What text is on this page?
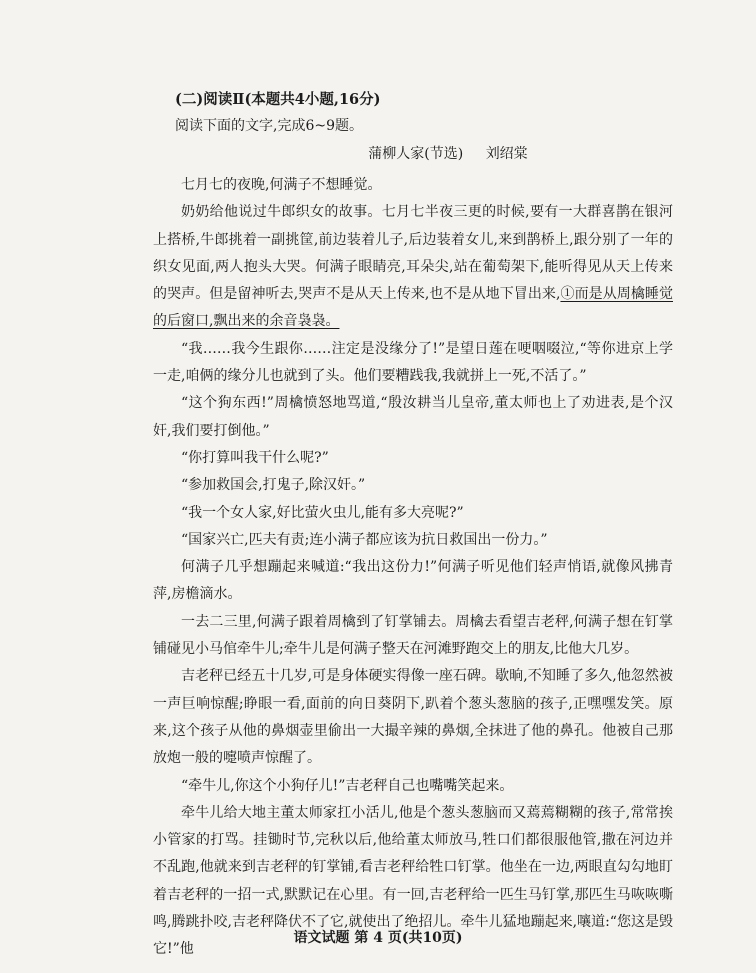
(二)阅读Ⅱ(本题共4小题,16分)
阅读下面的文字,完成6~9题。
蒲柳人家(节选) 刘绍棠

七月七的夜晚,何满子不想睡觉。

奶奶给他说过牛郎织女的故事。七月七半夜三更的时候,要有一大群喜鹊在银河上搭桥,牛郎挑着一副挑筐,前边装着儿子,后边装着女儿,来到鹊桥上,跟分别了一年的织女见面,两人抱头大哭。何满子眼睛亮,耳朵尖,站在葡萄架下,能听得见从天上传来的哭声。但是留神听去,哭声不是从天上传来,也不是从地下冒出来,①而是从周檎睡觉的后窗口,飘出来的余音袅袅。

“我……我今生跟你……注定是没缘分了!”是望日莲在哽咽啜泣,“等你进京上学一走,咱俩的缘分儿也就到了头。他们要糟践我,我就拼上一死,不活了。”

“这个狗东西!”周檎愤怒地骂道,“殷汝耕当儿皇帝,董太师也上了劝进表,是个汉奸,我们要打倒他。”

“你打算叫我干什么呢?”

“参加救国会,打鬼子,除汉奸。”

“我一个女人家,好比萤火虫儿,能有多大亮呢?”

“国家兴亡,匹夫有责;连小满子都应该为抗日救国出一份力。”

何满子几乎想蹦起来喊道:“我出这份力!”何满子听见他们轻声悄语,就像风拂青萍,房檐滴水。

一去二三里,何满子跟着周檎到了钉掌铺去。周檎去看望吉老秤,何满子想在钉掌铺碰见小马倌牵牛儿;牵牛儿是何满子整天在河滩野跑交上的朋友,比他大几岁。

吉老秤已经五十几岁,可是身体硬实得像一座石碑。歇晌,不知睡了多久,他忽然被一声巨响惊醒;睁眼一看,面前的向日葵阴下,趴着个葱头葱脑的孩子,正嘿嘿发笑。原来,这个孩子从他的鼻烟壶里偷出一大撮辛辣的鼻烟,全抹进了他的鼻孔。他被自己那放炮一般的嚏喷声惊醒了。

“牵牛儿,你这个小狗仔儿!”吉老秤自己也嘴嘴笑起来。

牵牛儿给大地主董太师家扛小活儿,他是个葱头葱脑而又蔫蔫糊糊的孩子,常常挨小管家的打骂。挂锄时节,完秋以后,他给董太师放马,牲口们都很服他管,撒在河边并不乱跑,他就来到吉老秤的钉掌铺,看吉老秤给牲口钉掌。他坐在一边,两眼直勾勾地盯着吉老秤的一招一式,默默记在心里。有一回,吉老秤给一匹生马钉掌,那匹生马咴咴嘶鸣,腾跳扑咬,吉老秤降伏不了它,就使出了绝招儿。牵牛儿猛地蹦起来,嚷道:“您这是毁它!”他

语文试题 第 4 页(共10页)
